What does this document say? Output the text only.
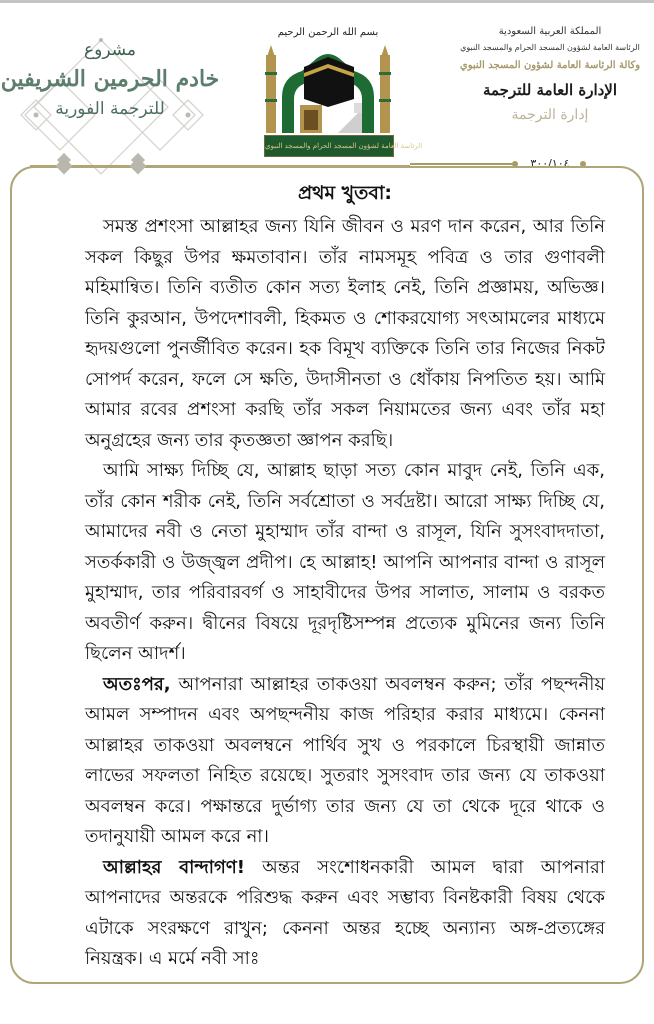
مشروع
خادم الحرمين الشريفين
للترجمة الفورية
بسم الله الرحمن الرحيم
الرئاسة العامة لشؤون المسجد الحرام والمسجد النبوي
المملكة العربية السعودية
الرئاسة العامة لشؤون المسجد الحرام والمسجد النبوي
وكالة الرئاسة العامة لشؤون المسجد النبوي
الإدارة العامة للترجمة
إدارة الترجمة
٣٠٠/١٠٤
প্রথম খুতবা:

সমস্ত প্রশংসা আল্লাহর জন্য যিনি জীবন ও মরণ দান করেন, আর তিনি সকল কিছুর উপর ক্ষমতাবান। তাঁর নামসমূহ পবিত্র ও তার গুণাবলী মহিমান্বিত। তিনি ব্যতীত কোন সত্য ইলাহ নেই, তিনি প্রজ্ঞাময়, অভিজ্ঞ। তিনি কুরআন, উপদেশাবলী, হিকমত ও শোকরযোগ্য সৎআমলের মাধ্যমে হৃদয়গুলো পুনর্জীবিত করেন। হক বিমূখ ব্যক্তিকে তিনি তার নিজের নিকট সোপর্দ করেন, ফলে সে ক্ষতি, উদাসীনতা ও ধোঁকায় নিপতিত হয়। আমি আমার রবের প্রশংসা করছি তাঁর সকল নিয়ামতের জন্য এবং তাঁর মহা অনুগ্রহের জন্য তার কৃতজ্ঞতা জ্ঞাপন করছি।

আমি সাক্ষ্য দিচ্ছি যে, আল্লাহ ছাড়া সত্য কোন মাবুদ নেই, তিনি এক, তাঁর কোন শরীক নেই, তিনি সর্বশ্রোতা ও সর্বদ্রষ্টা। আরো সাক্ষ্য দিচ্ছি যে, আমাদের নবী ও নেতা মুহাম্মাদ তাঁর বান্দা ও রাসূল, যিনি সুসংবাদদাতা, সতর্ককারী ও উজ্জ্বল প্রদীপ। হে আল্লাহ! আপনি আপনার বান্দা ও রাসূল মুহাম্মাদ, তার পরিবারবর্গ ও সাহাবীদের উপর সালাত, সালাম ও বরকত অবতীর্ণ করুন। দ্বীনের বিষয়ে দূরদৃষ্টিসম্পন্ন প্রত্যেক মুমিনের জন্য তিনি ছিলেন আদর্শ।

অতঃপর, আপনারা আল্লাহর তাকওয়া অবলম্বন করুন; তাঁর পছন্দনীয় আমল সম্পাদন এবং অপছন্দনীয় কাজ পরিহার করার মাধ্যমে। কেননা আল্লাহর তাকওয়া অবলম্বনে পার্থিব সুখ ও পরকালে চিরস্থায়ী জান্নাত লাভের সফলতা নিহিত রয়েছে। সুতরাং সুসংবাদ তার জন্য যে তাকওয়া অবলম্বন করে। পক্ষান্তরে দুর্ভাগ্য তার জন্য যে তা থেকে দূরে থাকে ও তদানুযায়ী আমল করে না।

আল্লাহর বান্দাগণ! অন্তর সংশোধনকারী আমল দ্বারা আপনারা আপনাদের অন্তরকে পরিশুদ্ধ করুন এবং সম্ভাব্য বিনষ্টকারী বিষয় থেকে এটাকে সংরক্ষণে রাখুন; কেননা অন্তর হচ্ছে অন্যান্য অঙ্গ-প্রত্যঙ্গের নিয়ন্ত্রক। এ মর্মে নবী সাঃ
